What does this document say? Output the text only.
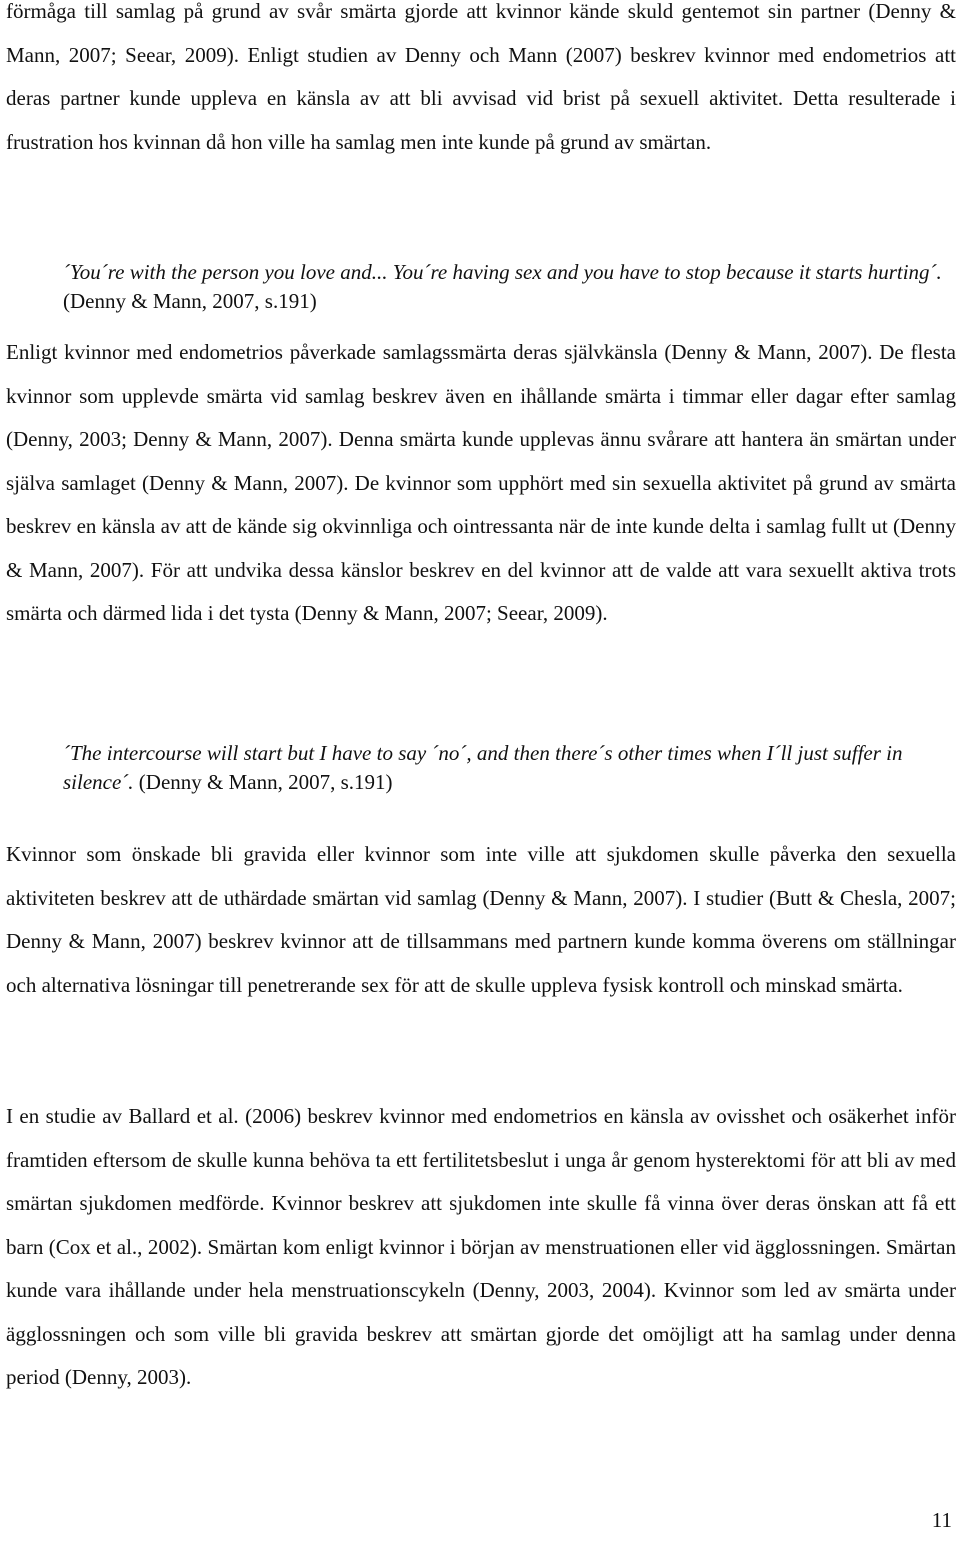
förmåga till samlag på grund av svår smärta gjorde att kvinnor kände skuld gentemot sin partner (Denny & Mann, 2007; Seear, 2009). Enligt studien av Denny och Mann (2007) beskrev kvinnor med endometrios att deras partner kunde uppleva en känsla av att bli avvisad vid brist på sexuell aktivitet. Detta resulterade i frustration hos kvinnan då hon ville ha samlag men inte kunde på grund av smärtan.

´You´re with the person you love and... You´re having sex and you have to stop because it starts hurting´. (Denny & Mann, 2007, s.191)

Enligt kvinnor med endometrios påverkade samlagssmärta deras självkänsla (Denny & Mann, 2007). De flesta kvinnor som upplevde smärta vid samlag beskrev även en ihållande smärta i timmar eller dagar efter samlag (Denny, 2003; Denny & Mann, 2007). Denna smärta kunde upplevas ännu svårare att hantera än smärtan under själva samlaget (Denny & Mann, 2007). De kvinnor som upphört med sin sexuella aktivitet på grund av smärta beskrev en känsla av att de kände sig okvinnliga och ointressanta när de inte kunde delta i samlag fullt ut (Denny & Mann, 2007). För att undvika dessa känslor beskrev en del kvinnor att de valde att vara sexuellt aktiva trots smärta och därmed lida i det tysta (Denny & Mann, 2007; Seear, 2009).

´The intercourse will start but I have to say ´no´, and then there´s other times when I´ll just suffer in silence´. (Denny & Mann, 2007, s.191)

Kvinnor som önskade bli gravida eller kvinnor som inte ville att sjukdomen skulle påverka den sexuella aktiviteten beskrev att de uthärdade smärtan vid samlag (Denny & Mann, 2007). I studier (Butt & Chesla, 2007; Denny & Mann, 2007) beskrev kvinnor att de tillsammans med partnern kunde komma överens om ställningar och alternativa lösningar till penetrerande sex för att de skulle uppleva fysisk kontroll och minskad smärta.

I en studie av Ballard et al. (2006) beskrev kvinnor med endometrios en känsla av ovisshet och osäkerhet inför framtiden eftersom de skulle kunna behöva ta ett fertilitetsbeslut i unga år genom hysterektomi för att bli av med smärtan sjukdomen medförde. Kvinnor beskrev att sjukdomen inte skulle få vinna över deras önskan att få ett barn (Cox et al., 2002). Smärtan kom enligt kvinnor i början av menstruationen eller vid ägglossningen. Smärtan kunde vara ihållande under hela menstruationscykeln (Denny, 2003, 2004). Kvinnor som led av smärta under ägglossningen och som ville bli gravida beskrev att smärtan gjorde det omöjligt att ha samlag under denna period (Denny, 2003).

11
